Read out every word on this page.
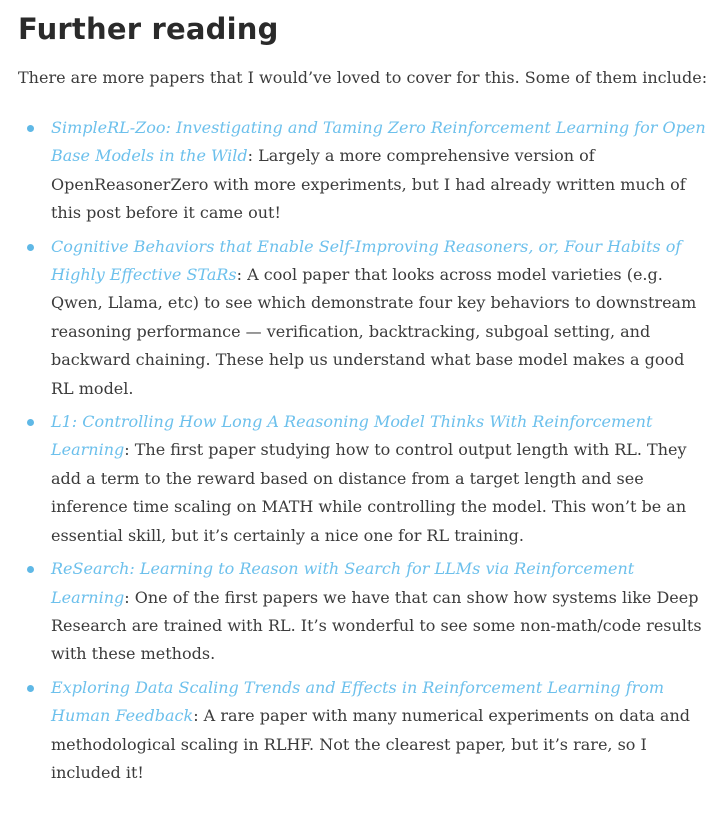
Further reading

There are more papers that I would’ve loved to cover for this. Some of them include:

SimpleRL-Zoo: Investigating and Taming Zero Reinforcement Learning for Open Base Models in the Wild: Largely a more comprehensive version of OpenReasonerZero with more experiments, but I had already written much of this post before it came out!
Cognitive Behaviors that Enable Self-Improving Reasoners, or, Four Habits of Highly Effective STaRs: A cool paper that looks across model varieties (e.g. Qwen, Llama, etc) to see which demonstrate four key behaviors to downstream reasoning performance — verification, backtracking, subgoal setting, and backward chaining. These help us understand what base model makes a good RL model.
L1: Controlling How Long A Reasoning Model Thinks With Reinforcement Learning: The first paper studying how to control output length with RL. They add a term to the reward based on distance from a target length and see inference time scaling on MATH while controlling the model. This won’t be an essential skill, but it’s certainly a nice one for RL training.
ReSearch: Learning to Reason with Search for LLMs via Reinforcement Learning: One of the first papers we have that can show how systems like Deep Research are trained with RL. It’s wonderful to see some non-math/code results with these methods.
Exploring Data Scaling Trends and Effects in Reinforcement Learning from Human Feedback: A rare paper with many numerical experiments on data and methodological scaling in RLHF. Not the clearest paper, but it’s rare, so I included it!
